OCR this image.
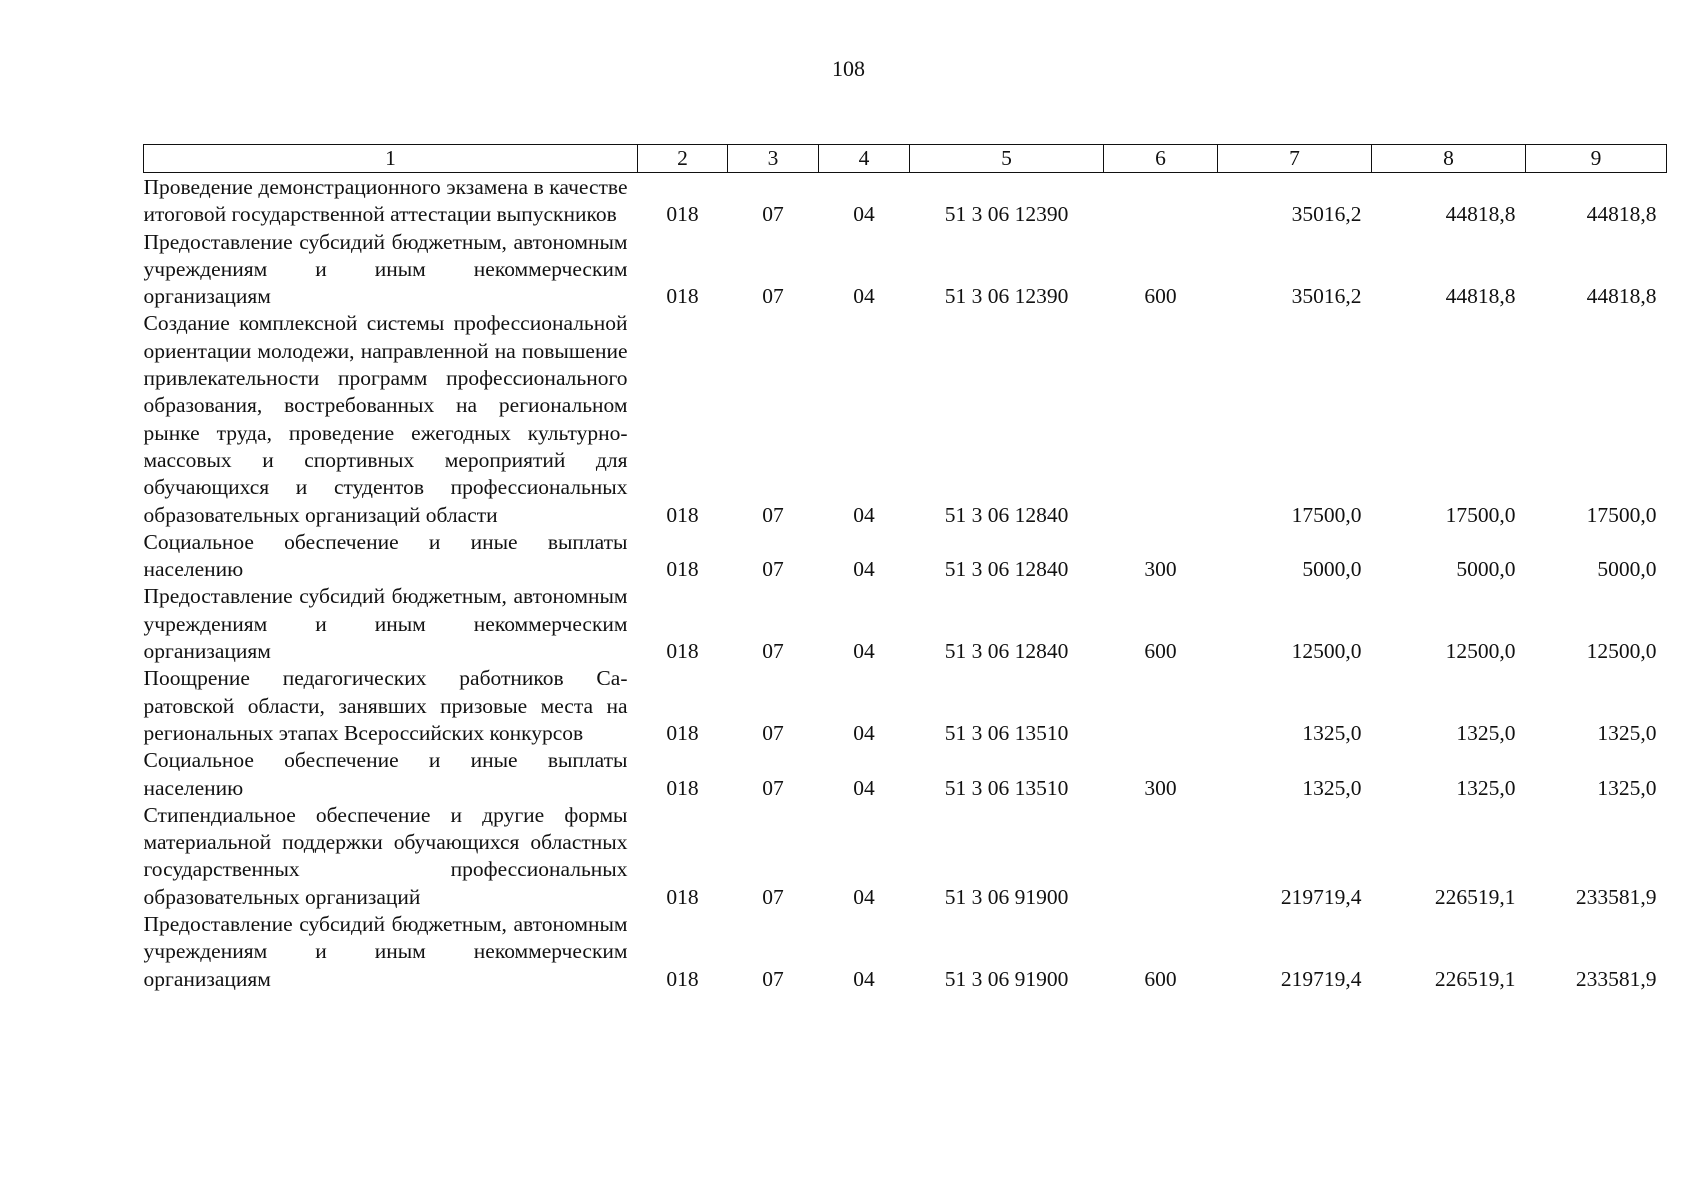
108
1	2	3	4	5	6	7	8	9
Проведение демонстрационного экзамена в качестве итоговой государственной аттестации выпускников	018	07	04	51 3 06 12390		35016,2	44818,8	44818,8
Предоставление субсидий бюджетным, автономным учреждениям и иным некоммерческим организациям	018	07	04	51 3 06 12390	600	35016,2	44818,8	44818,8
Создание комплексной системы профессиональной ориентации молодежи, направленной на повышение привлекательности программ профессионального образования, востребованных на региональном рынке труда, проведение ежегодных культурно-массовых и спортивных мероприятий для обучающихся и студентов профессиональных образовательных организаций области	018	07	04	51 3 06 12840		17500,0	17500,0	17500,0
Социальное обеспечение и иные выплаты населению	018	07	04	51 3 06 12840	300	5000,0	5000,0	5000,0
Предоставление субсидий бюджетным, автономным учреждениям и иным некоммерческим организациям	018	07	04	51 3 06 12840	600	12500,0	12500,0	12500,0
Поощрение педагогических работников Саратовской области, занявших призовые места на региональных этапах Всероссийских конкурсов	018	07	04	51 3 06 13510		1325,0	1325,0	1325,0
Социальное обеспечение и иные выплаты населению	018	07	04	51 3 06 13510	300	1325,0	1325,0	1325,0
Стипендиальное обеспечение и другие формы материальной поддержки обучающихся областных государственных профессиональных образовательных организаций	018	07	04	51 3 06 91900		219719,4	226519,1	233581,9
Предоставление субсидий бюджетным, автономным учреждениям и иным некоммерческим организациям	018	07	04	51 3 06 91900	600	219719,4	226519,1	233581,9
